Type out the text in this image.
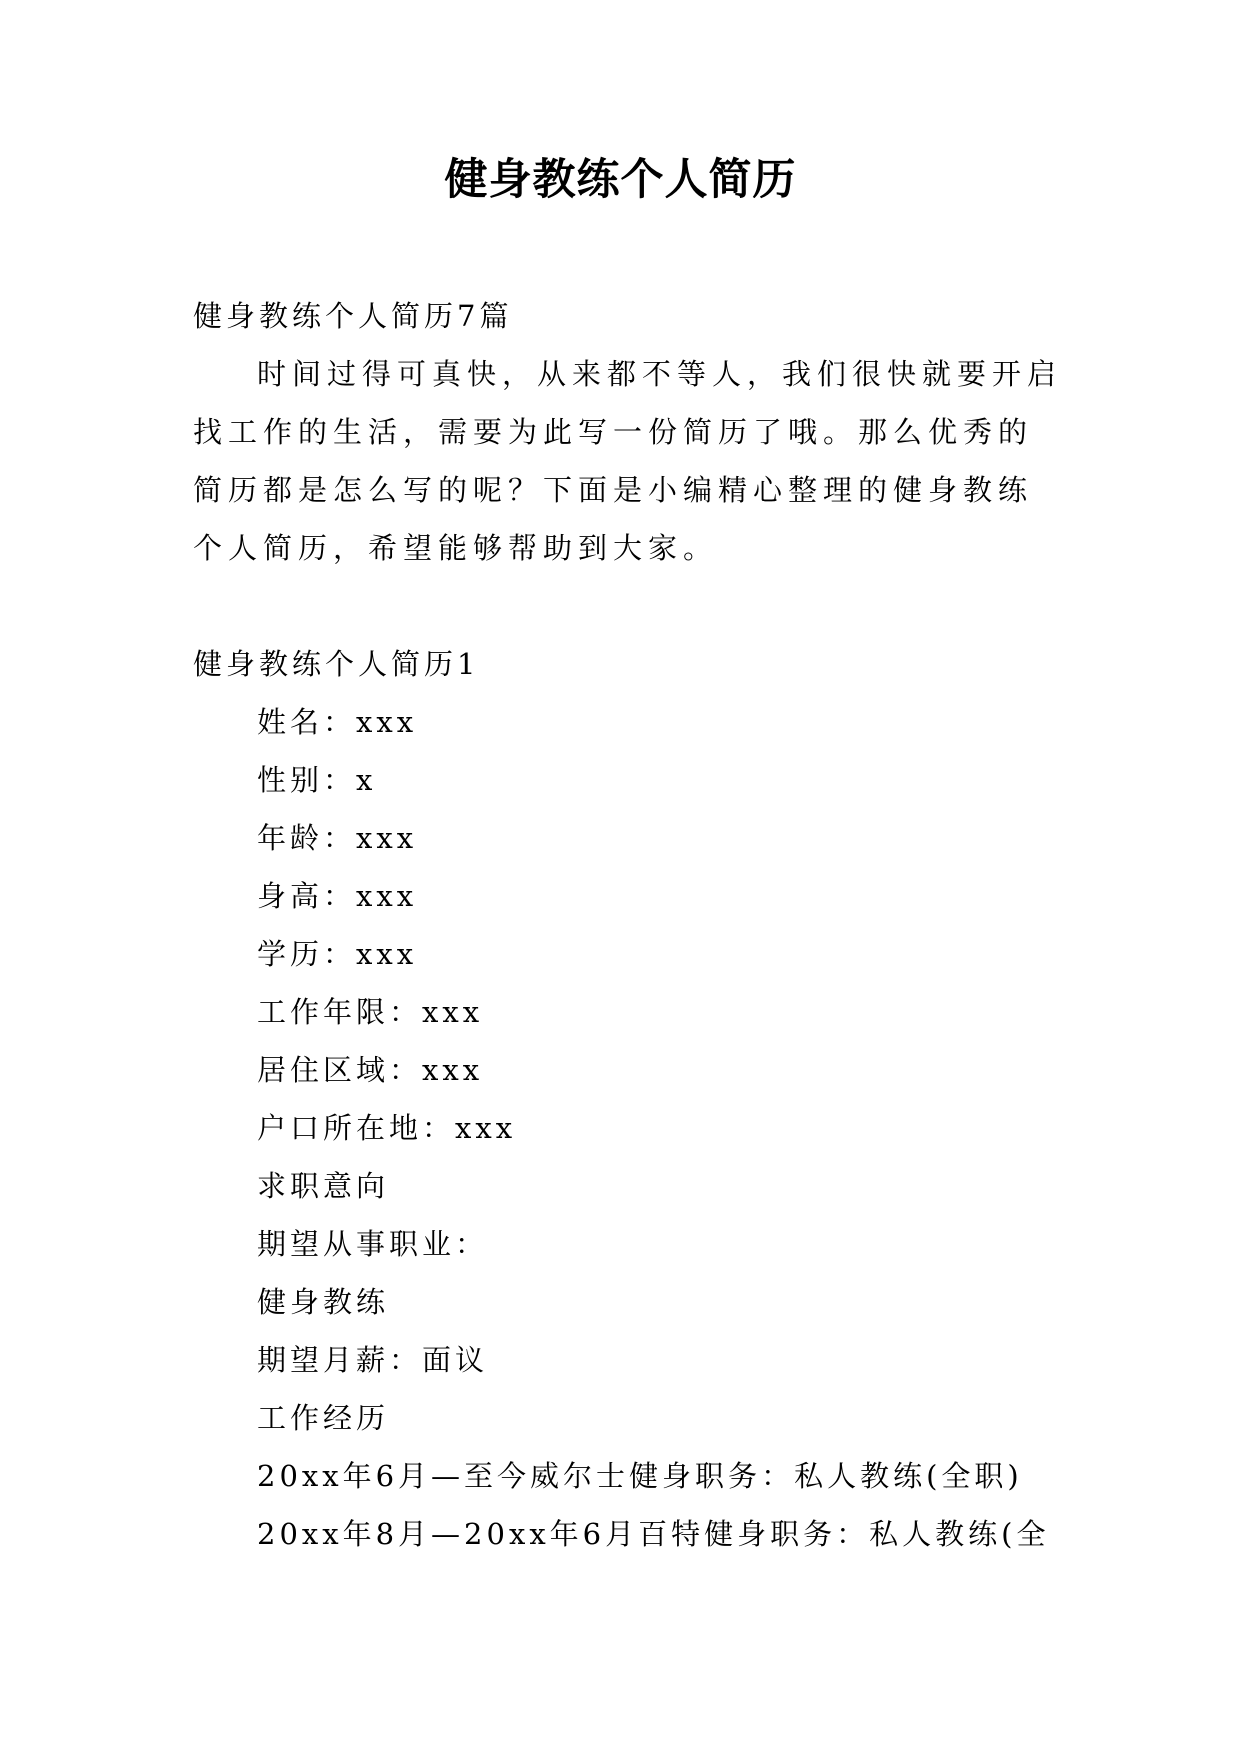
健身教练个人简历
健身教练个人简历7篇
时间过得可真快，从来都不等人，我们很快就要开启找工作的生活，需要为此写一份简历了哦。那么优秀的简历都是怎么写的呢？下面是小编精心整理的健身教练个人简历，希望能够帮助到大家。
健身教练个人简历1
姓名：xxx
性别：x
年龄：xxx
身高：xxx
学历：xxx
工作年限：xxx
居住区域：xxx
户口所在地：xxx
求职意向
期望从事职业：
健身教练
期望月薪：面议
工作经历
20xx年6月—至今威尔士健身职务：私人教练(全职)
20xx年8月—20xx年6月百特健身职务：私人教练(全
